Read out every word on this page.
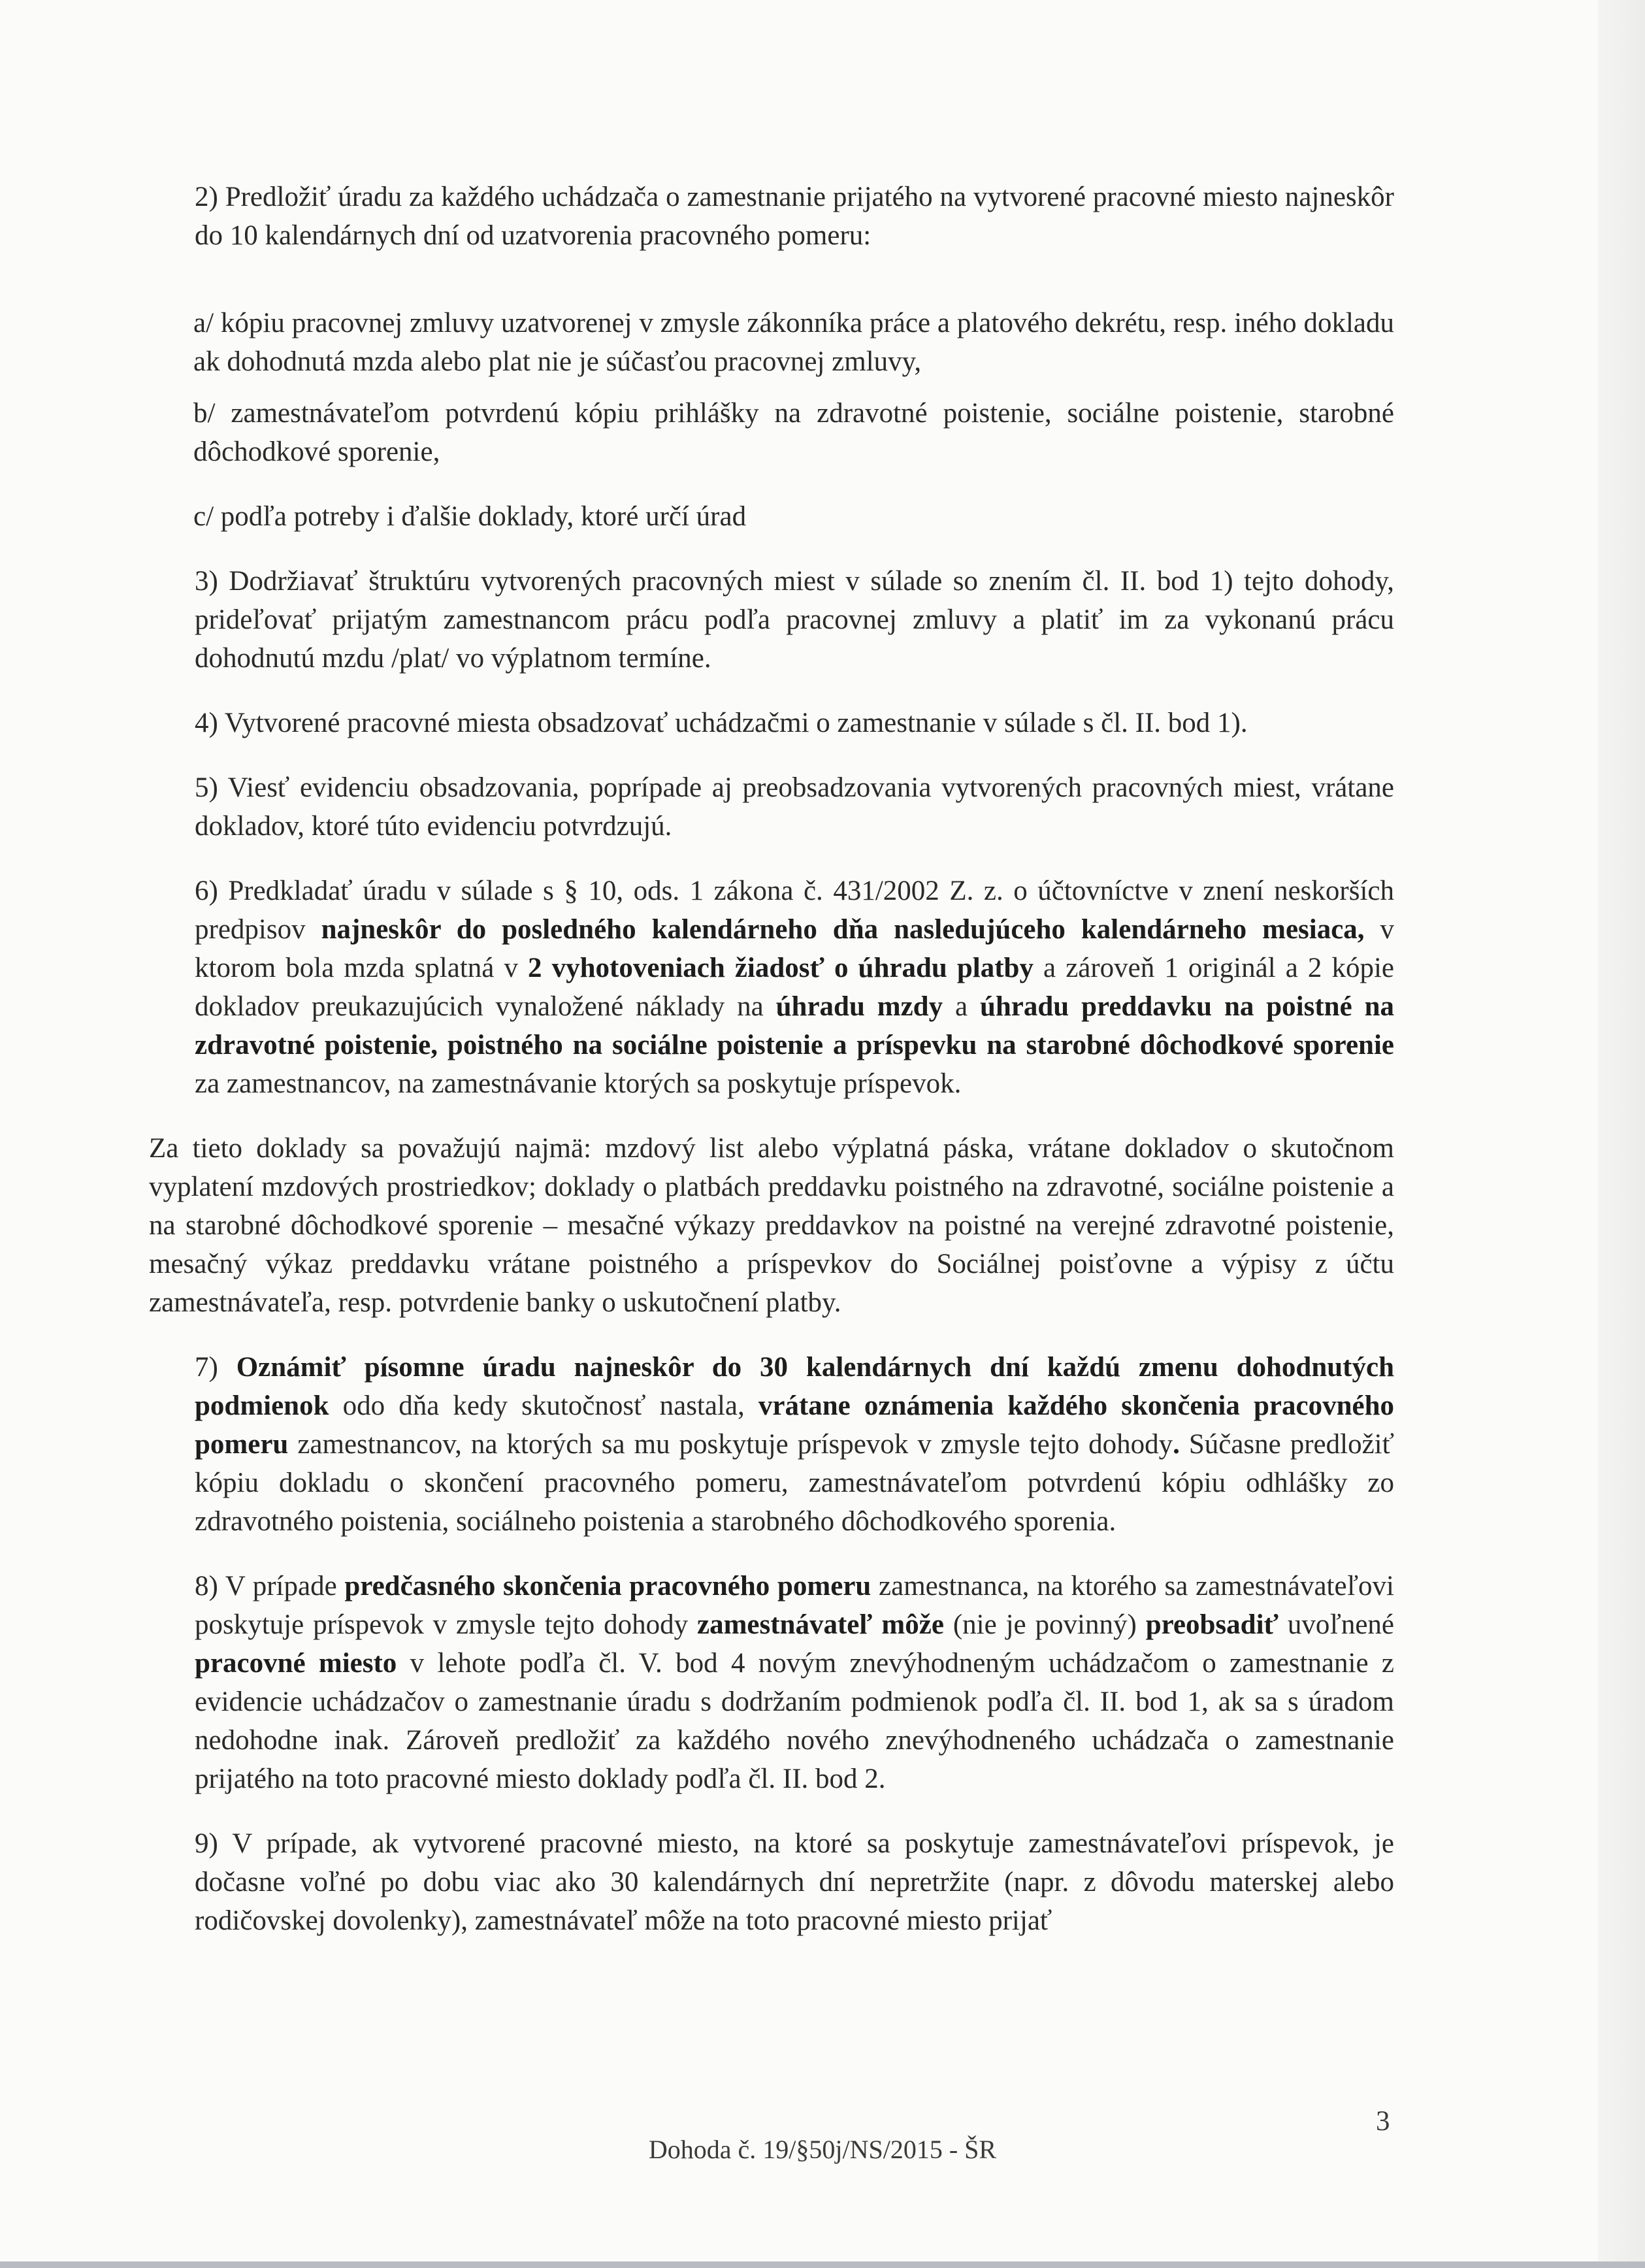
2) Predložiť úradu za každého uchádzača o zamestnanie prijatého na vytvorené pracovné miesto najneskôr do 10 kalendárnych dní od uzatvorenia pracovného pomeru:

a/ kópiu pracovnej zmluvy uzatvorenej v zmysle zákonníka práce a platového dekrétu, resp. iného dokladu ak dohodnutá mzda alebo plat nie je súčasťou pracovnej zmluvy,

b/ zamestnávateľom potvrdenú kópiu prihlášky na zdravotné poistenie, sociálne poistenie, starobné dôchodkové sporenie,

c/ podľa potreby i ďalšie doklady, ktoré určí úrad

3) Dodržiavať štruktúru vytvorených pracovných miest v súlade so znením čl. II. bod 1) tejto dohody, prideľovať prijatým zamestnancom prácu podľa pracovnej zmluvy a platiť im za vykonanú prácu dohodnutú mzdu /plat/ vo výplatnom termíne.

4) Vytvorené pracovné miesta obsadzovať uchádzačmi o zamestnanie v súlade s čl. II. bod 1).

5) Viesť evidenciu obsadzovania, poprípade aj preobsadzovania vytvorených pracovných miest, vrátane dokladov, ktoré túto evidenciu potvrdzujú.

6) Predkladať úradu v súlade s § 10, ods. 1 zákona č. 431/2002 Z. z. o účtovníctve v znení neskorších predpisov najneskôr do posledného kalendárneho dňa nasledujúceho kalendárneho mesiaca, v ktorom bola mzda splatná v 2 vyhotoveniach žiadosť o úhradu platby a zároveň 1 originál a 2 kópie dokladov preukazujúcich vynaložené náklady na úhradu mzdy a úhradu preddavku na poistné na zdravotné poistenie, poistného na sociálne poistenie a príspevku na starobné dôchodkové sporenie za zamestnancov, na zamestnávanie ktorých sa poskytuje príspevok.

Za tieto doklady sa považujú najmä: mzdový list alebo výplatná páska, vrátane dokladov o skutočnom vyplatení mzdových prostriedkov; doklady o platbách preddavku poistného na zdravotné, sociálne poistenie a na starobné dôchodkové sporenie – mesačné výkazy preddavkov na poistné na verejné zdravotné poistenie, mesačný výkaz preddavku vrátane poistného a príspevkov do Sociálnej poisťovne a výpisy z účtu zamestnávateľa, resp. potvrdenie banky o uskutočnení platby.

7) Oznámiť písomne úradu najneskôr do 30 kalendárnych dní každú zmenu dohodnutých podmienok odo dňa kedy skutočnosť nastala, vrátane oznámenia každého skončenia pracovného pomeru zamestnancov, na ktorých sa mu poskytuje príspevok v zmysle tejto dohody. Súčasne predložiť kópiu dokladu o skončení pracovného pomeru, zamestnávateľom potvrdenú kópiu odhlášky zo zdravotného poistenia, sociálneho poistenia a starobného dôchodkového sporenia.

8) V prípade predčasného skončenia pracovného pomeru zamestnanca, na ktorého sa zamestnávateľovi poskytuje príspevok v zmysle tejto dohody zamestnávateľ môže (nie je povinný) preobsadiť uvoľnené pracovné miesto v lehote podľa čl. V. bod 4 novým znevýhodneným uchádzačom o zamestnanie z evidencie uchádzačov o zamestnanie úradu s dodržaním podmienok podľa čl. II. bod 1, ak sa s úradom nedohodne inak. Zároveň predložiť za každého nového znevýhodneného uchádzača o zamestnanie prijatého na toto pracovné miesto doklady podľa čl. II. bod 2.

9) V prípade, ak vytvorené pracovné miesto, na ktoré sa poskytuje zamestnávateľovi príspevok, je dočasne voľné po dobu viac ako 30 kalendárnych dní nepretržite (napr. z dôvodu materskej alebo rodičovskej dovolenky), zamestnávateľ môže na toto pracovné miesto prijať

3
Dohoda č. 19/§50j/NS/2015 - ŠR
